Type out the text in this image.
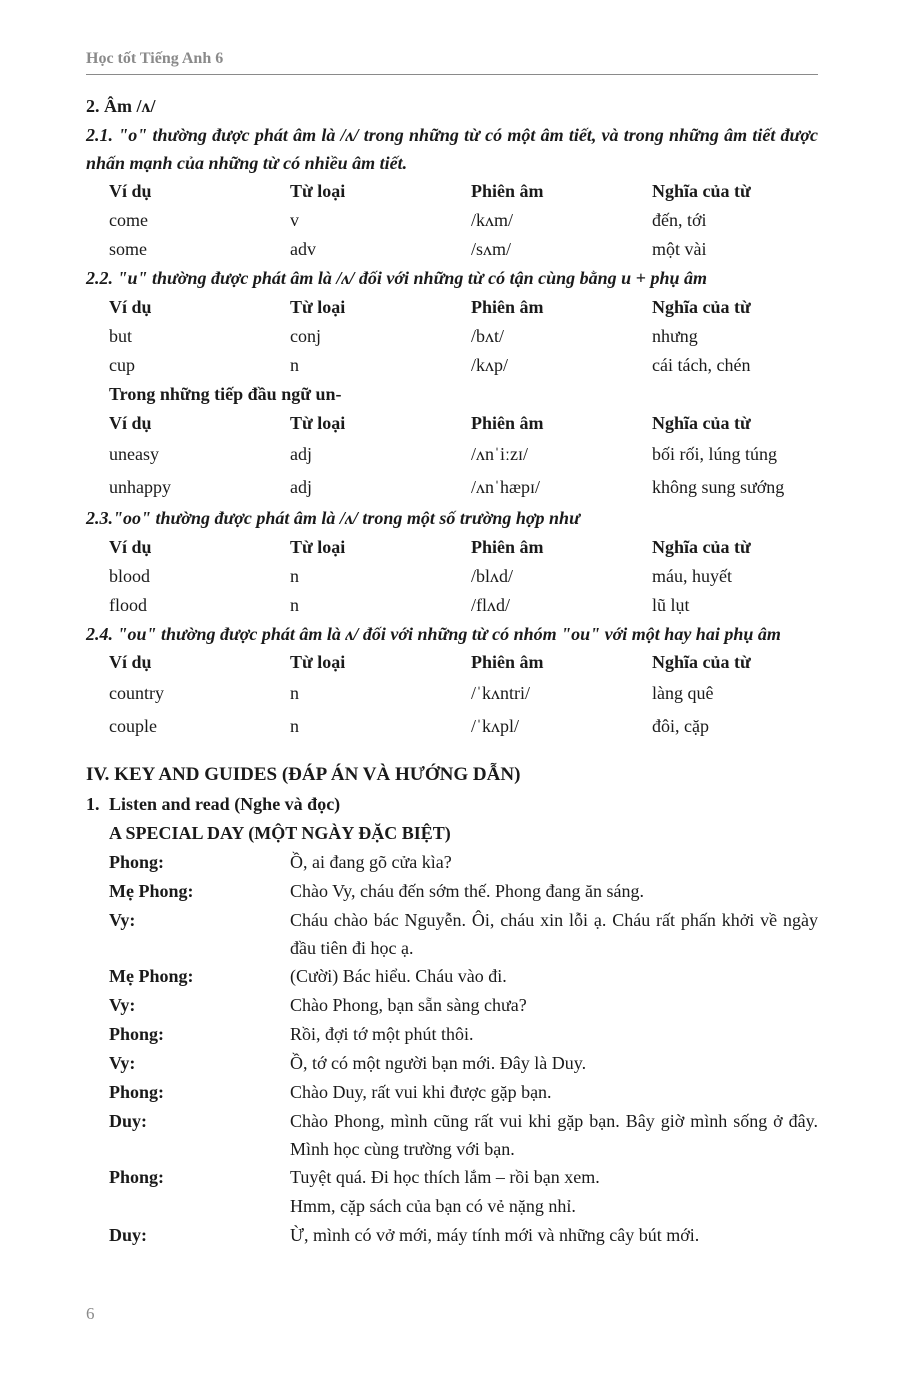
Học tốt Tiếng Anh 6
2. Âm /ʌ/
2.1. "o" thường được phát âm là /ʌ/ trong những từ có một âm tiết, và trong những âm tiết được nhấn mạnh của những từ có nhiều âm tiết.
Ví dụ	Từ loại	Phiên âm	Nghĩa của từ
come	v	/kʌm/	đến, tới
some	adv	/sʌm/	một vài
2.2. "u" thường được phát âm là /ʌ/ đối với những từ có tận cùng bằng u + phụ âm
Ví dụ	Từ loại	Phiên âm	Nghĩa của từ
but	conj	/bʌt/	nhưng
cup	n	/kʌp/	cái tách, chén
Trong những tiếp đầu ngữ un-
Ví dụ	Từ loại	Phiên âm	Nghĩa của từ
uneasy	adj	/ʌnˈiːzɪ/	bối rối, lúng túng
unhappy	adj	/ʌnˈhæpɪ/	không sung sướng
2.3."oo" thường được phát âm là /ʌ/ trong một số trường hợp như
Ví dụ	Từ loại	Phiên âm	Nghĩa của từ
blood	n	/blʌd/	máu, huyết
flood	n	/flʌd/	lũ lụt
2.4. "ou" thường được phát âm là ʌ/ đối với những từ có nhóm "ou" với một hay hai phụ âm
Ví dụ	Từ loại	Phiên âm	Nghĩa của từ
country	n	/ˈkʌntri/	làng quê
couple	n	/ˈkʌpl/	đôi, cặp
IV. KEY AND GUIDES (ĐÁP ÁN VÀ HƯỚNG DẪN)
1. Listen and read (Nghe và đọc)
A SPECIAL DAY (MỘT NGÀY ĐẶC BIỆT)
Phong:	Ồ, ai đang gõ cửa kìa?
Mẹ Phong:	Chào Vy, cháu đến sớm thế. Phong đang ăn sáng.
Vy:	Cháu chào bác Nguyễn. Ôi, cháu xin lỗi ạ. Cháu rất phấn khởi về ngày đầu tiên đi học ạ.
Mẹ Phong:	(Cười) Bác hiểu. Cháu vào đi.
Vy:	Chào Phong, bạn sẵn sàng chưa?
Phong:	Rồi, đợi tớ một phút thôi.
Vy:	Ồ, tớ có một người bạn mới. Đây là Duy.
Phong:	Chào Duy, rất vui khi được gặp bạn.
Duy:	Chào Phong, mình cũng rất vui khi gặp bạn. Bây giờ mình sống ở đây. Mình học cùng trường với bạn.
Phong:	Tuyệt quá. Đi học thích lắm – rồi bạn xem.
Hmm, cặp sách của bạn có vẻ nặng nhỉ.
Duy:	Ừ, mình có vở mới, máy tính mới và những cây bút mới.
6
